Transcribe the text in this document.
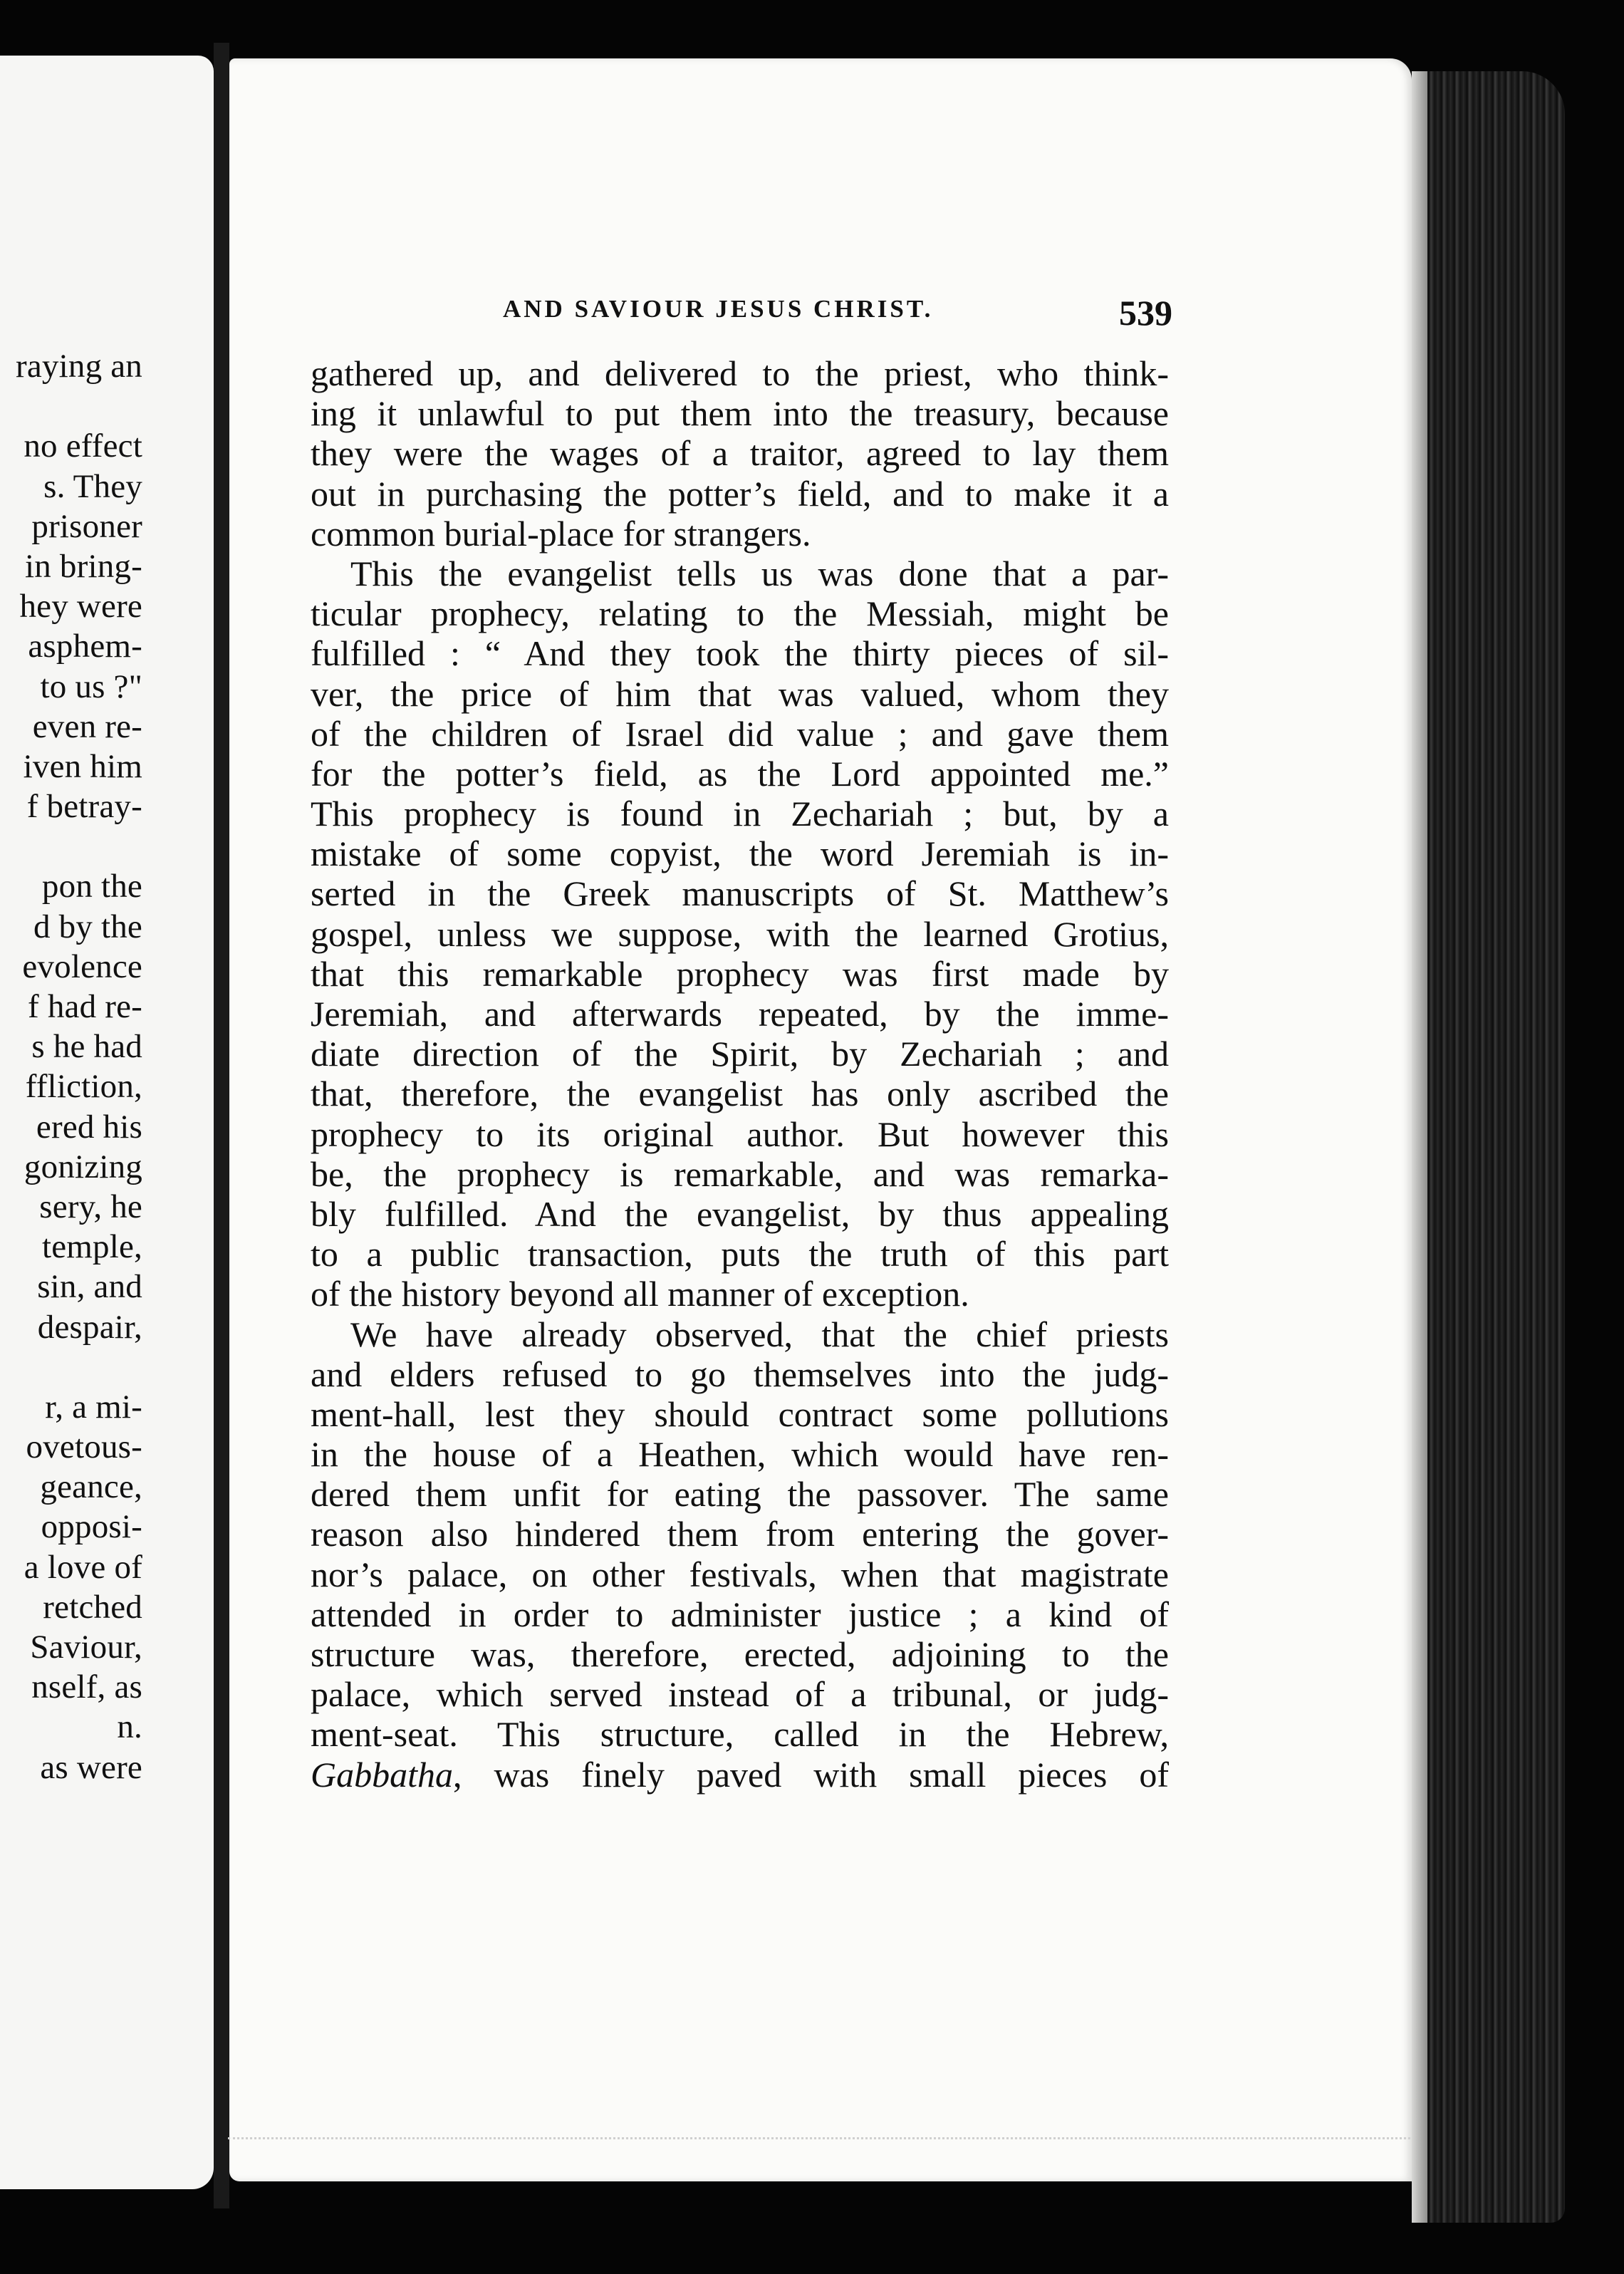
raying an
no effect
s. They
prisoner
in bring-
hey were
asphem-
to us ?"
even re-
iven him
f betray-
pon the
d by the
evolence
f had re-
s he had
ffliction,
ered his
gonizing
sery, he
temple,
sin, and
despair,
r, a mi-
ovetous-
geance,
opposi-
a love of
retched
Saviour,
nself, as
n.
as were
AND SAVIOUR JESUS CHRIST.	539
gathered up, and delivered to the priest, who think-
ing it unlawful to put them into the treasury, because
they were the wages of a traitor, agreed to lay them
out in purchasing the potter’s field, and to make it a
common burial-place for strangers.
This the evangelist tells us was done that a par-
ticular prophecy, relating to the Messiah, might be
fulfilled : “ And they took the thirty pieces of sil-
ver, the price of him that was valued, whom they
of the children of Israel did value ; and gave them
for the potter’s field, as the Lord appointed me.”
This prophecy is found in Zechariah ; but, by a
mistake of some copyist, the word Jeremiah is in-
serted in the Greek manuscripts of St. Matthew’s
gospel, unless we suppose, with the learned Grotius,
that this remarkable prophecy was first made by
Jeremiah, and afterwards repeated, by the imme-
diate direction of the Spirit, by Zechariah ; and
that, therefore, the evangelist has only ascribed the
prophecy to its original author. But however this
be, the prophecy is remarkable, and was remarka-
bly fulfilled. And the evangelist, by thus appealing
to a public transaction, puts the truth of this part
of the history beyond all manner of exception.
We have already observed, that the chief priests
and elders refused to go themselves into the judg-
ment-hall, lest they should contract some pollutions
in the house of a Heathen, which would have ren-
dered them unfit for eating the passover. The same
reason also hindered them from entering the gover-
nor’s palace, on other festivals, when that magistrate
attended in order to administer justice ; a kind of
structure was, therefore, erected, adjoining to the
palace, which served instead of a tribunal, or judg-
ment-seat. This structure, called in the Hebrew,
Gabbatha, was finely paved with small pieces of
